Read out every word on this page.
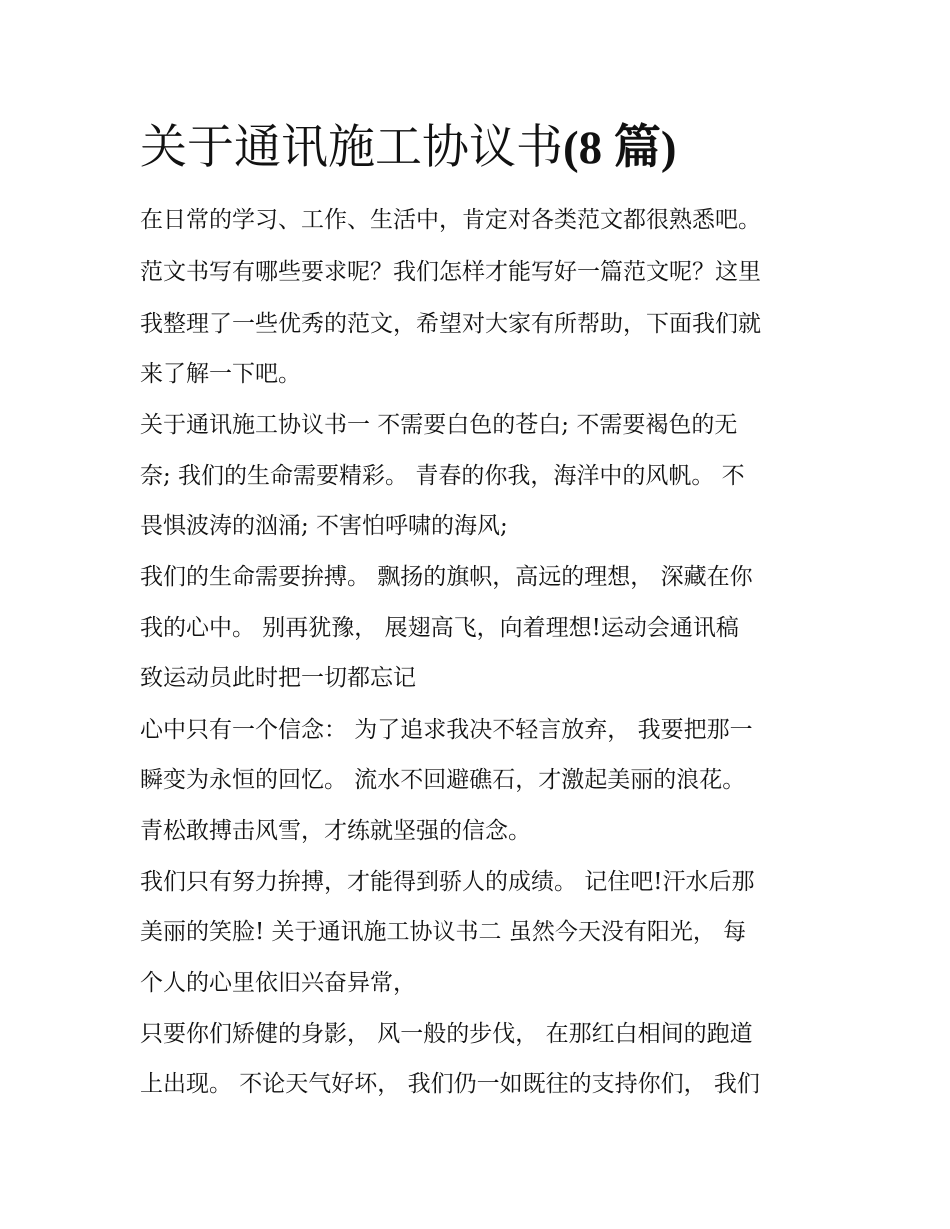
关于通讯施工协议书(8 篇)

在日常的学习、工作、生活中，肯定对各类范文都很熟悉吧。

范文书写有哪些要求呢？我们怎样才能写好一篇范文呢？这里

我整理了一些优秀的范文，希望对大家有所帮助，下面我们就

来了解一下吧。

关于通讯施工协议书一 不需要白色的苍白; 不需要褐色的无

奈; 我们的生命需要精彩。 青春的你我，海洋中的风帆。 不

畏惧波涛的汹涌; 不害怕呼啸的海风;

我们的生命需要拚搏。 飘扬的旗帜，高远的理想， 深藏在你

我的心中。 别再犹豫， 展翅高飞，向着理想!运动会通讯稿

致运动员此时把一切都忘记

心中只有一个信念： 为了追求我决不轻言放弃， 我要把那一

瞬变为永恒的回忆。 流水不回避礁石，才激起美丽的浪花。

青松敢搏击风雪，才练就坚强的信念。

我们只有努力拚搏，才能得到骄人的成绩。 记住吧!汗水后那

美丽的笑脸! 关于通讯施工协议书二 虽然今天没有阳光， 每

个人的心里依旧兴奋异常，

只要你们矫健的身影， 风一般的步伐， 在那红白相间的跑道

上出现。 不论天气好坏， 我们仍一如既往的支持你们， 我们
